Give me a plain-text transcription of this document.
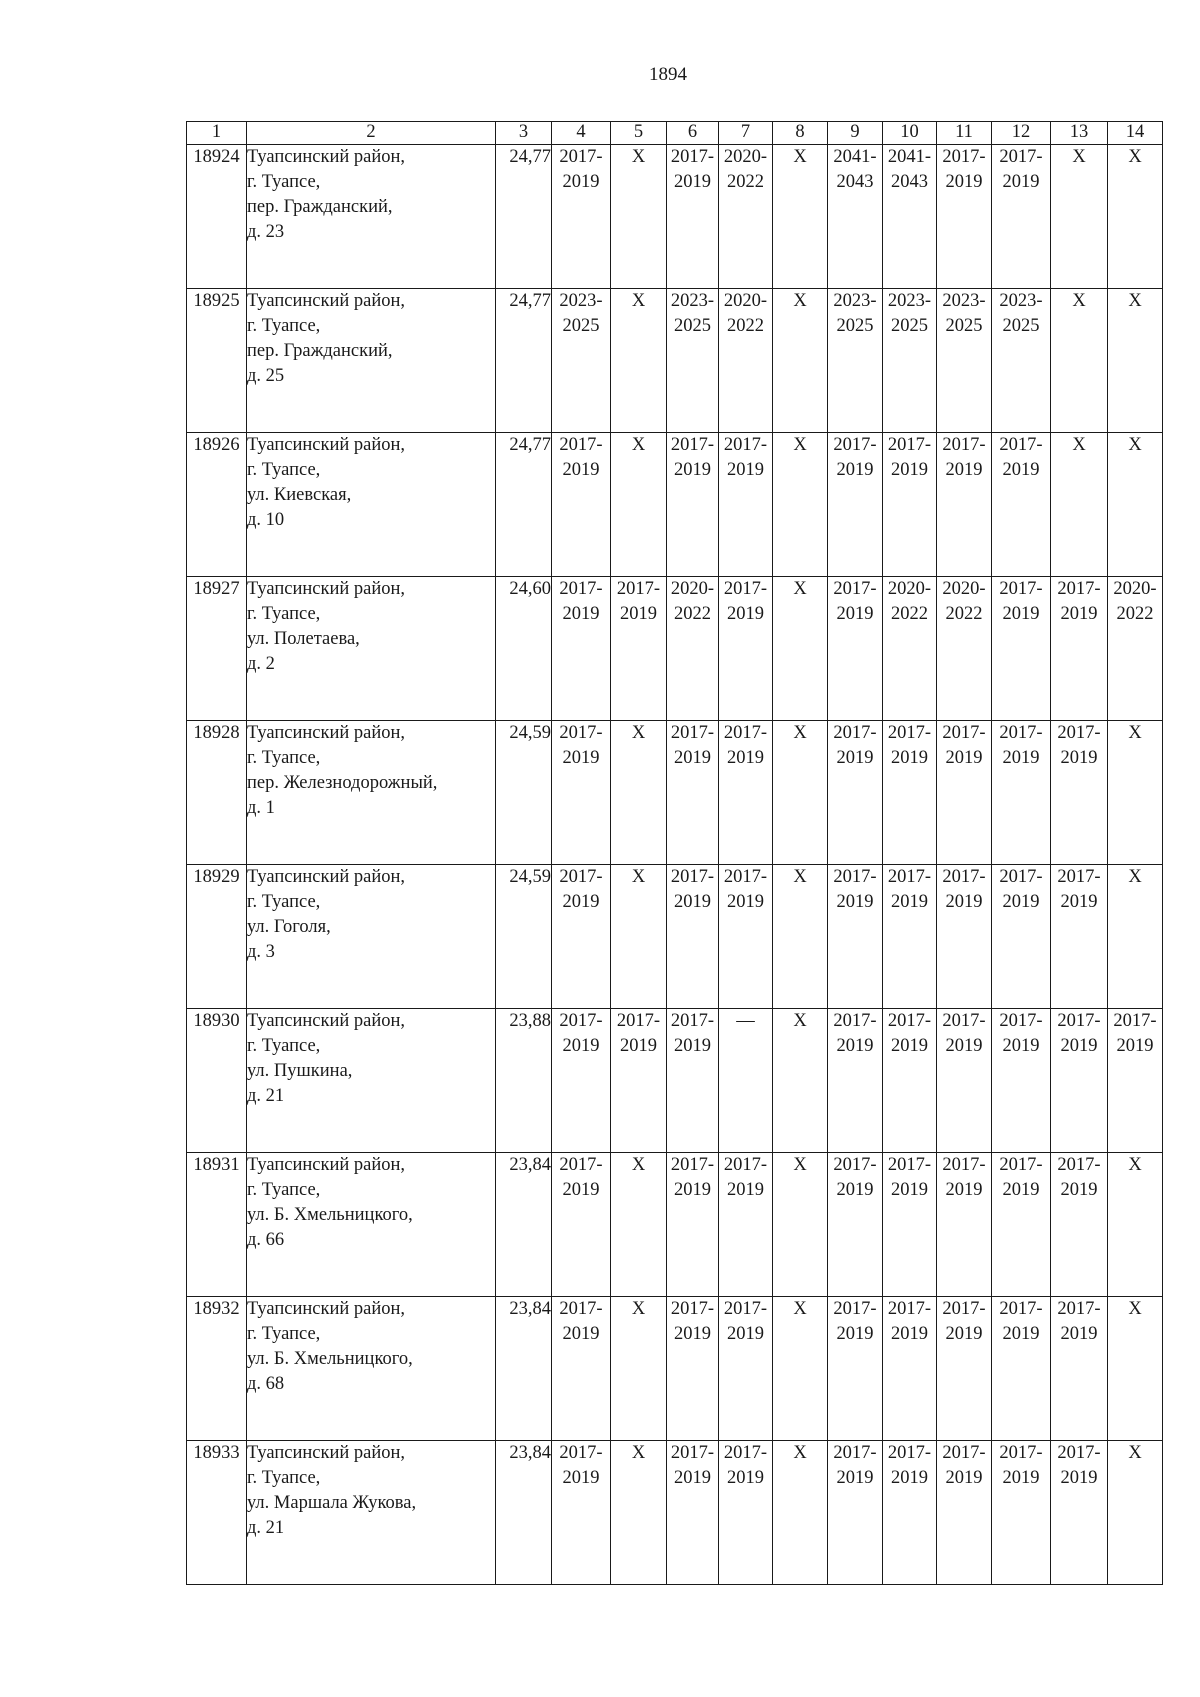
1894
1	2	3	4	5	6	7	8	9	10	11	12	13	14
18924	Туапсинский район,
г. Туапсе,
пер. Гражданский,
д. 23	24,77	2017-
2019	X	2017-
2019	2020-
2022	X	2041-
2043	2041-
2043	2017-
2019	2017-
2019	X	X
18925	Туапсинский район,
г. Туапсе,
пер. Гражданский,
д. 25	24,77	2023-
2025	X	2023-
2025	2020-
2022	X	2023-
2025	2023-
2025	2023-
2025	2023-
2025	X	X
18926	Туапсинский район,
г. Туапсе,
ул. Киевская,
д. 10	24,77	2017-
2019	X	2017-
2019	2017-
2019	X	2017-
2019	2017-
2019	2017-
2019	2017-
2019	X	X
18927	Туапсинский район,
г. Туапсе,
ул. Полетаева,
д. 2	24,60	2017-
2019	2017-
2019	2020-
2022	2017-
2019	X	2017-
2019	2020-
2022	2020-
2022	2017-
2019	2017-
2019	2020-
2022

18928	Туапсинский район,
г. Туапсе,
пер. Железнодорожный,
д. 1	24,59	2017-
2019	X	2017-
2019	2017-
2019	X	2017-
2019	2017-
2019	2017-
2019	2017-
2019	2017-
2019	X
18929	Туапсинский район,
г. Туапсе,
ул. Гоголя,
д. 3	24,59	2017-
2019	X	2017-
2019	2017-
2019	X	2017-
2019	2017-
2019	2017-
2019	2017-
2019	2017-
2019	X
18930	Туапсинский район,
г. Туапсе,
ул. Пушкина,
д. 21	23,88	2017-
2019	2017-
2019	2017-
2019	—	X	2017-
2019	2017-
2019	2017-
2019	2017-
2019	2017-
2019	2017-
2019

18931	Туапсинский район,
г. Туапсе,
ул. Б. Хмельницкого,
д. 66	23,84	2017-
2019	X	2017-
2019	2017-
2019	X	2017-
2019	2017-
2019	2017-
2019	2017-
2019	2017-
2019	X
18932	Туапсинский район,
г. Туапсе,
ул. Б. Хмельницкого,
д. 68	23,84	2017-
2019	X	2017-
2019	2017-
2019	X	2017-
2019	2017-
2019	2017-
2019	2017-
2019	2017-
2019	X
18933	Туапсинский район,
г. Туапсе,
ул. Маршала Жукова,
д. 21	23,84	2017-
2019	X	2017-
2019	2017-
2019	X	2017-
2019	2017-
2019	2017-
2019	2017-
2019	2017-
2019	X
